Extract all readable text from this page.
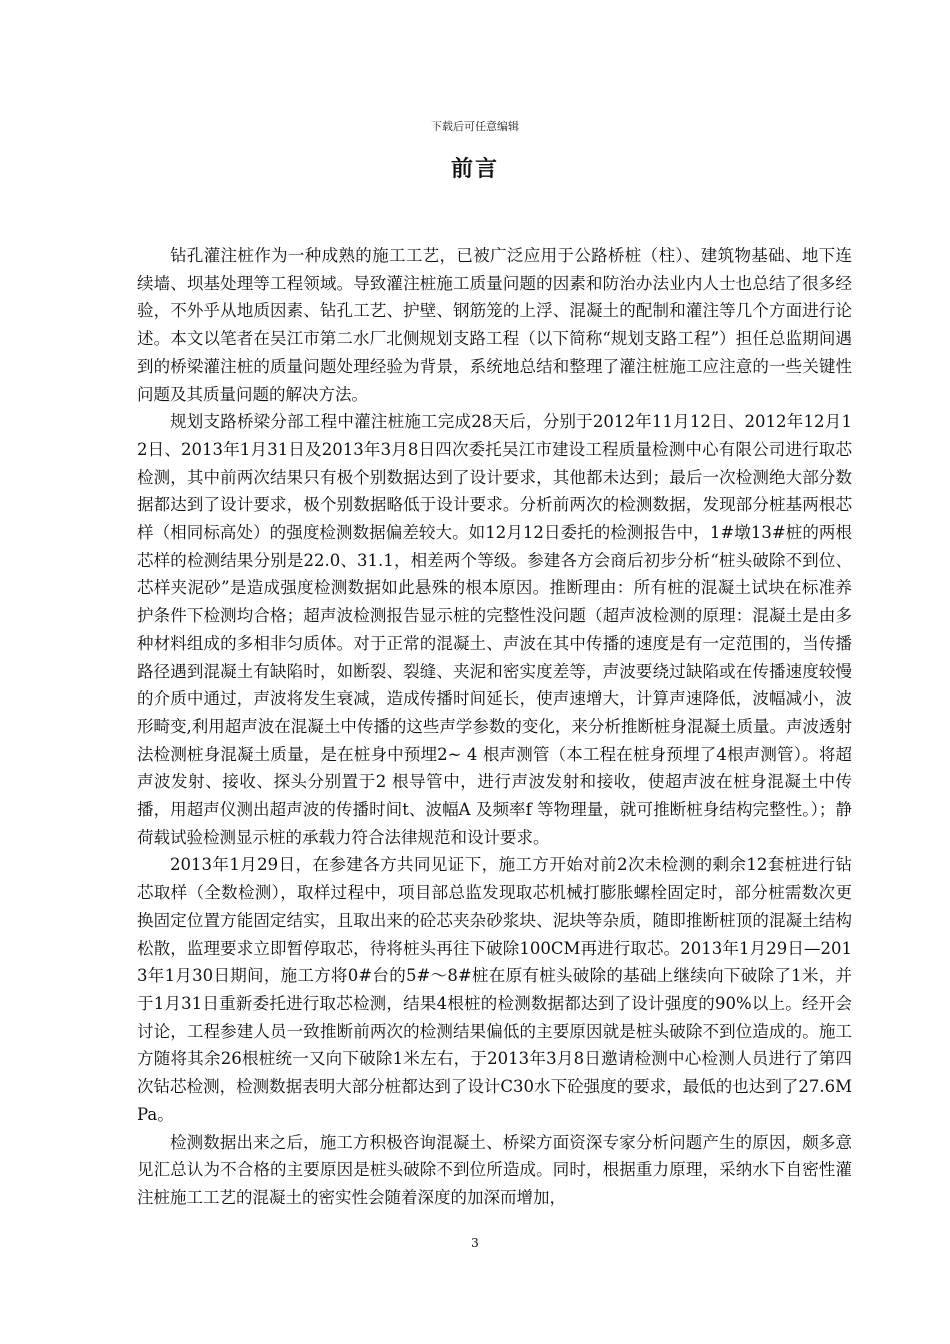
下载后可任意编辑
前言

钻孔灌注桩作为一种成熟的施工工艺，已被广泛应用于公路桥桩（柱）、建筑物基础、地下连续墙、坝基处理等工程领域。导致灌注桩施工质量问题的因素和防治办法业内人士也总结了很多经验，不外乎从地质因素、钻孔工艺、护壁、钢筋笼的上浮、混凝土的配制和灌注等几个方面进行论述。本文以笔者在吴江市第二水厂北侧规划支路工程（以下简称“规划支路工程”）担任总监期间遇到的桥梁灌注桩的质量问题处理经验为背景，系统地总结和整理了灌注桩施工应注意的一些关键性问题及其质量问题的解决方法。

规划支路桥梁分部工程中灌注桩施工完成28天后，分别于2012年11月12日、2012年12月12日、2013年1月31日及2013年3月8日四次委托吴江市建设工程质量检测中心有限公司进行取芯检测，其中前两次结果只有极个别数据达到了设计要求，其他都未达到；最后一次检测绝大部分数据都达到了设计要求，极个别数据略低于设计要求。分析前两次的检测数据，发现部分桩基两根芯样（相同标高处）的强度检测数据偏差较大。如12月12日委托的检测报告中，1#墩13#桩的两根芯样的检测结果分别是22.0、31.1，相差两个等级。参建各方会商后初步分析“桩头破除不到位、芯样夹泥砂”是造成强度检测数据如此悬殊的根本原因。推断理由：所有桩的混凝土试块在标准养护条件下检测均合格；超声波检测报告显示桩的完整性没问题（超声波检测的原理：混凝土是由多种材料组成的多相非匀质体。对于正常的混凝土、声波在其中传播的速度是有一定范围的，当传播路径遇到混凝土有缺陷时，如断裂、裂缝、夹泥和密实度差等，声波要绕过缺陷或在传播速度较慢的介质中通过，声波将发生衰减，造成传播时间延长，使声速增大，计算声速降低，波幅减小，波形畸变,利用超声波在混凝土中传播的这些声学参数的变化，来分析推断桩身混凝土质量。声波透射法检测桩身混凝土质量，是在桩身中预埋2~ 4 根声测管（本工程在桩身预埋了4根声测管）。将超声波发射、接收、探头分别置于2 根导管中，进行声波发射和接收，使超声波在桩身混凝土中传播，用超声仪测出超声波的传播时间t、波幅A 及频率f 等物理量，就可推断桩身结构完整性。）；静荷载试验检测显示桩的承载力符合法律规范和设计要求。

2013年1月29日，在参建各方共同见证下，施工方开始对前2次未检测的剩余12套桩进行钻芯取样（全数检测），取样过程中，项目部总监发现取芯机械打膨胀螺栓固定时，部分桩需数次更换固定位置方能固定结实，且取出来的砼芯夹杂砂浆块、泥块等杂质，随即推断桩顶的混凝土结构松散，监理要求立即暂停取芯，待将桩头再往下破除100CM再进行取芯。2013年1月29日—2013年1月30日期间，施工方将0#台的5#～8#桩在原有桩头破除的基础上继续向下破除了1米，并于1月31日重新委托进行取芯检测，结果4根桩的检测数据都达到了设计强度的90%以上。经开会讨论，工程参建人员一致推断前两次的检测结果偏低的主要原因就是桩头破除不到位造成的。施工方随将其余26根桩统一又向下破除1米左右，于2013年3月8日邀请检测中心检测人员进行了第四次钻芯检测，检测数据表明大部分桩都达到了设计C30水下砼强度的要求，最低的也达到了27.6MPa。

检测数据出来之后，施工方积极咨询混凝土、桥梁方面资深专家分析问题产生的原因，颇多意见汇总认为不合格的主要原因是桩头破除不到位所造成。同时，根据重力原理，采纳水下自密性灌注桩施工工艺的混凝土的密实性会随着深度的加深而增加，

3
